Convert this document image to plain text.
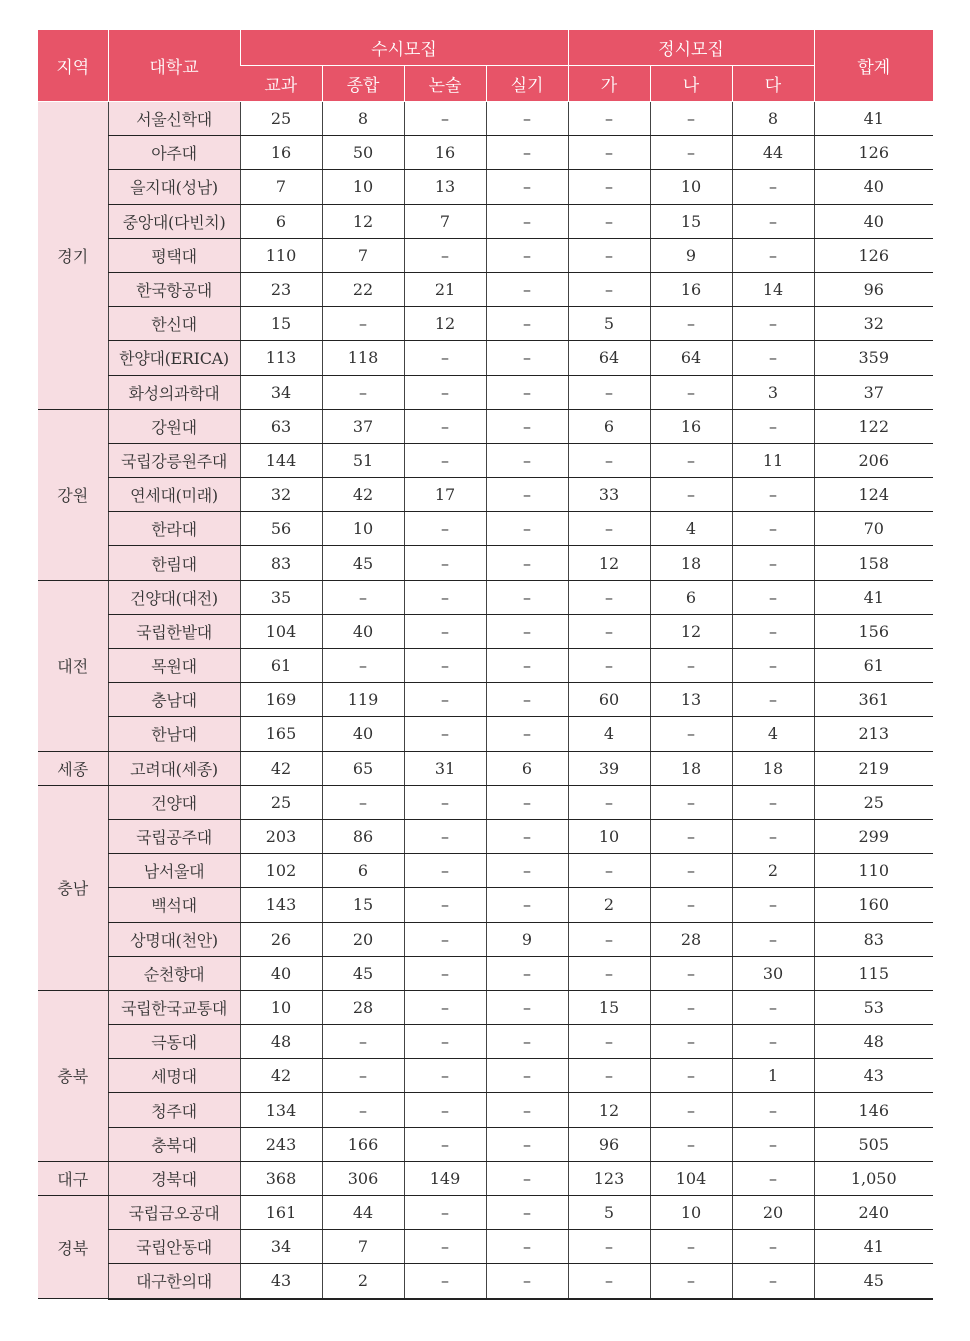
지역	대학교	수시모집				정시모집			합계
		교과	종합	논술	실기	가	나	다	
경기	서울신학대	25	8	–	–	–	–	8	41
	아주대	16	50	16	–	–	–	44	126
	을지대(성남)	7	10	13	–	–	10	–	40
	중앙대(다빈치)	6	12	7	–	–	15	–	40
	평택대	110	7	–	–	–	9	–	126
	한국항공대	23	22	21	–	–	16	14	96
	한신대	15	–	12	–	5	–	–	32
	한양대(ERICA)	113	118	–	–	64	64	–	359
	화성의과학대	34	–	–	–	–	–	3	37
강원	강원대	63	37	–	–	6	16	–	122
	국립강릉원주대	144	51	–	–	–	–	11	206
	연세대(미래)	32	42	17	–	33	–	–	124
	한라대	56	10	–	–	–	4	–	70
	한림대	83	45	–	–	12	18	–	158
대전	건양대(대전)	35	–	–	–	–	6	–	41
	국립한밭대	104	40	–	–	–	12	–	156
	목원대	61	–	–	–	–	–	–	61
	충남대	169	119	–	–	60	13	–	361
	한남대	165	40	–	–	4	–	4	213
세종	고려대(세종)	42	65	31	6	39	18	18	219
충남	건양대	25	–	–	–	–	–	–	25
	국립공주대	203	86	–	–	10	–	–	299
	남서울대	102	6	–	–	–	–	2	110
	백석대	143	15	–	–	2	–	–	160
	상명대(천안)	26	20	–	9	–	28	–	83
	순천향대	40	45	–	–	–	–	30	115
충북	국립한국교통대	10	28	–	–	15	–	–	53
	극동대	48	–	–	–	–	–	–	48
	세명대	42	–	–	–	–	–	1	43
	청주대	134	–	–	–	12	–	–	146
	충북대	243	166	–	–	96	–	–	505
대구	경북대	368	306	149	–	123	104	–	1,050
경북	국립금오공대	161	44	–	–	5	10	20	240
	국립안동대	34	7	–	–	–	–	–	41
	대구한의대	43	2	–	–	–	–	–	45
